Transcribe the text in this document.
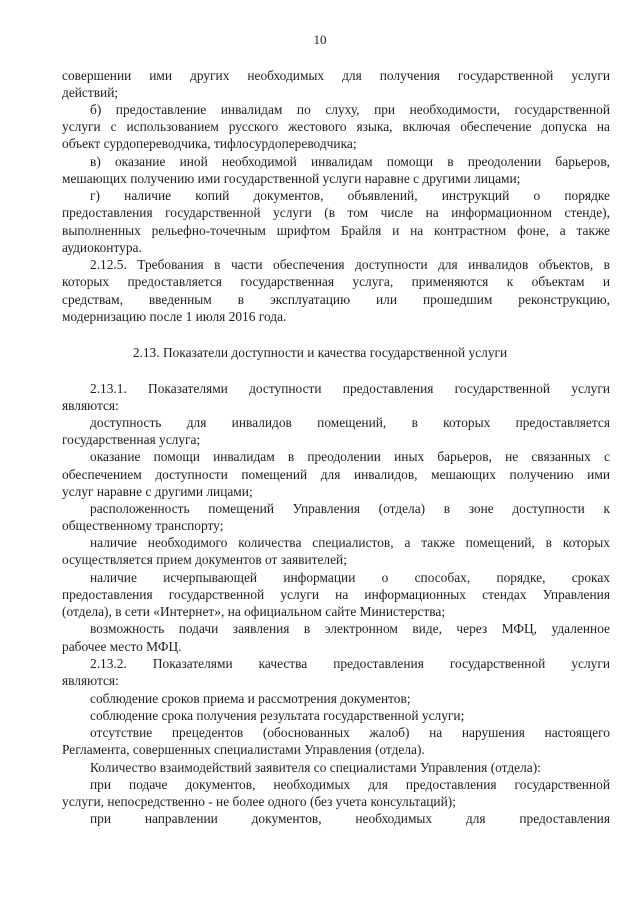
10
совершении ими других необходимых для получения государственной услуги
действий;
б) предоставление инвалидам по слуху, при необходимости, государственной
услуги с использованием русского жестового языка, включая обеспечение допуска на
объект сурдопереводчика, тифлосурдопереводчика;
в) оказание иной необходимой инвалидам помощи в преодолении барьеров,
мешающих получению ими государственной услуги наравне с другими лицами;
г) наличие копий документов, объявлений, инструкций о порядке
предоставления государственной услуги (в том числе на информационном стенде),
выполненных рельефно-точечным шрифтом Брайля и на контрастном фоне, а также
аудиоконтура.
2.12.5. Требования в части обеспечения доступности для инвалидов объектов, в
которых предоставляется государственная услуга, применяются к объектам и
средствам, введенным в эксплуатацию или прошедшим реконструкцию,
модернизацию после 1 июля 2016 года.
2.13. Показатели доступности и качества государственной услуги
2.13.1. Показателями доступности предоставления государственной услуги
являются:
доступность для инвалидов помещений, в которых предоставляется
государственная услуга;
оказание помощи инвалидам в преодолении иных барьеров, не связанных с
обеспечением доступности помещений для инвалидов, мешающих получению ими
услуг наравне с другими лицами;
расположенность помещений Управления (отдела) в зоне доступности к
общественному транспорту;
наличие необходимого количества специалистов, а также помещений, в которых
осуществляется прием документов от заявителей;
наличие исчерпывающей информации о способах, порядке, сроках
предоставления государственной услуги на информационных стендах Управления
(отдела), в сети «Интернет», на официальном сайте Министерства;
возможность подачи заявления в электронном виде, через МФЦ, удаленное
рабочее место МФЦ.
2.13.2. Показателями качества предоставления государственной услуги
являются:
соблюдение сроков приема и рассмотрения документов;
соблюдение срока получения результата государственной услуги;
отсутствие прецедентов (обоснованных жалоб) на нарушения настоящего
Регламента, совершенных специалистами Управления (отдела).
Количество взаимодействий заявителя со специалистами Управления (отдела):
при подаче документов, необходимых для предоставления государственной
услуги, непосредственно - не более одного (без учета консультаций);
при направлении документов, необходимых для предоставления
